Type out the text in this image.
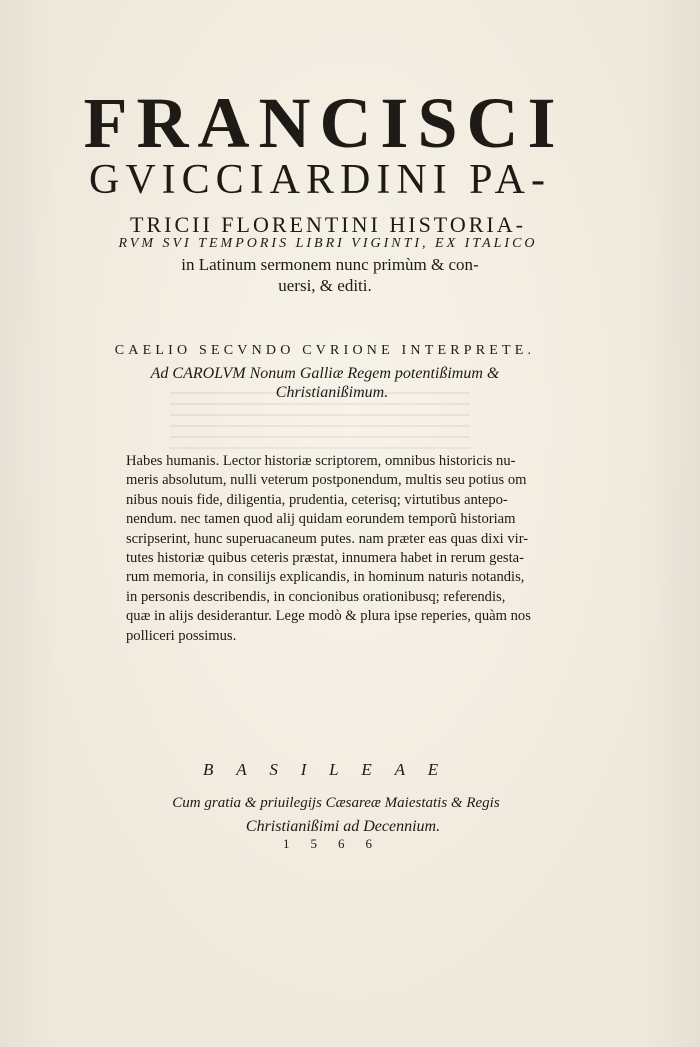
FRANCISCI
GVICCIARDINI PA-
TRICII FLORENTINI HISTORIA-
RVM SVI TEMPORIS LIBRI VIGINTI, EX ITALICO
in Latinum sermonem nunc primùm & con-
uersi, & editi.
CAELIO SECVNDO CVRIONE INTERPRETE.
Ad CAROLVM Nonum Galliæ Regem potentißimum &
Christianißimum.
Habes humanis. Lector historiæ scriptorem, omnibus historicis nu-
meris absolutum, nulli veterum postponendum, multis seu potius om
nibus nouis fide, diligentia, prudentia, ceterisq; virtutibus antepo-
nendum. nec tamen quod alij quidam eorundem temporũ historiam
scripserint, hunc superuacaneum putes. nam præter eas quas dixi vir-
tutes historiæ quibus ceteris præstat, innumera habet in rerum gesta-
rum memoria, in consilijs explicandis, in hominum naturis notandis,
in personis describendis, in concionibus orationibusq; referendis,
quæ in alijs desiderantur. Lege modò & plura ipse reperies, quàm nos
polliceri possimus.
BASILEAE
Cum gratia & priuilegijs Cæsareæ Maiestatis & Regis
Christianißimi ad Decennium.
1566
